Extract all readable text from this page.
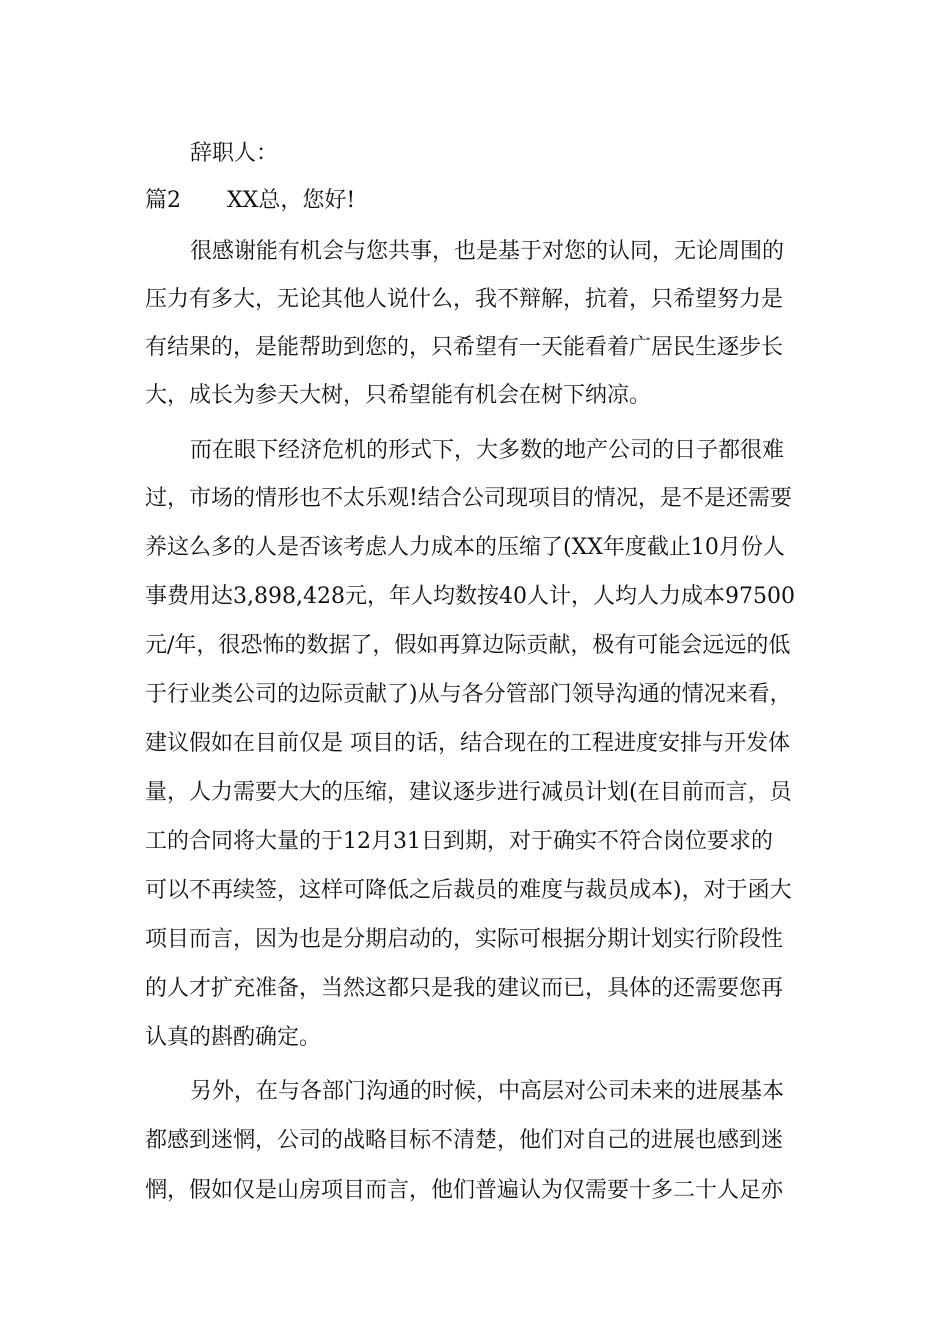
辞职人：

篇2 XX总，您好!

很感谢能有机会与您共事，也是基于对您的认同，无论周围的

压力有多大，无论其他人说什么，我不辩解，抗着，只希望努力是

有结果的，是能帮助到您的，只希望有一天能看着广居民生逐步长

大，成长为参天大树，只希望能有机会在树下纳凉。

而在眼下经济危机的形式下，大多数的地产公司的日子都很难

过，市场的情形也不太乐观!结合公司现项目的情况，是不是还需要

养这么多的人是否该考虑人力成本的压缩了(XX年度截止10月份人

事费用达3,898,428元，年人均数按40人计，人均人力成本97500

元/年，很恐怖的数据了，假如再算边际贡献，极有可能会远远的低

于行业类公司的边际贡献了)从与各分管部门领导沟通的情况来看，

建议假如在目前仅是 项目的话，结合现在的工程进度安排与开发体

量，人力需要大大的压缩，建议逐步进行减员计划(在目前而言，员

工的合同将大量的于12月31日到期，对于确实不符合岗位要求的

可以不再续签，这样可降低之后裁员的难度与裁员成本)，对于函大

项目而言，因为也是分期启动的，实际可根据分期计划实行阶段性

的人才扩充准备，当然这都只是我的建议而已，具体的还需要您再

认真的斟酌确定。

另外，在与各部门沟通的时候，中高层对公司未来的进展基本

都感到迷惘，公司的战略目标不清楚，他们对自己的进展也感到迷

惘，假如仅是山房项目而言，他们普遍认为仅需要十多二十人足亦
